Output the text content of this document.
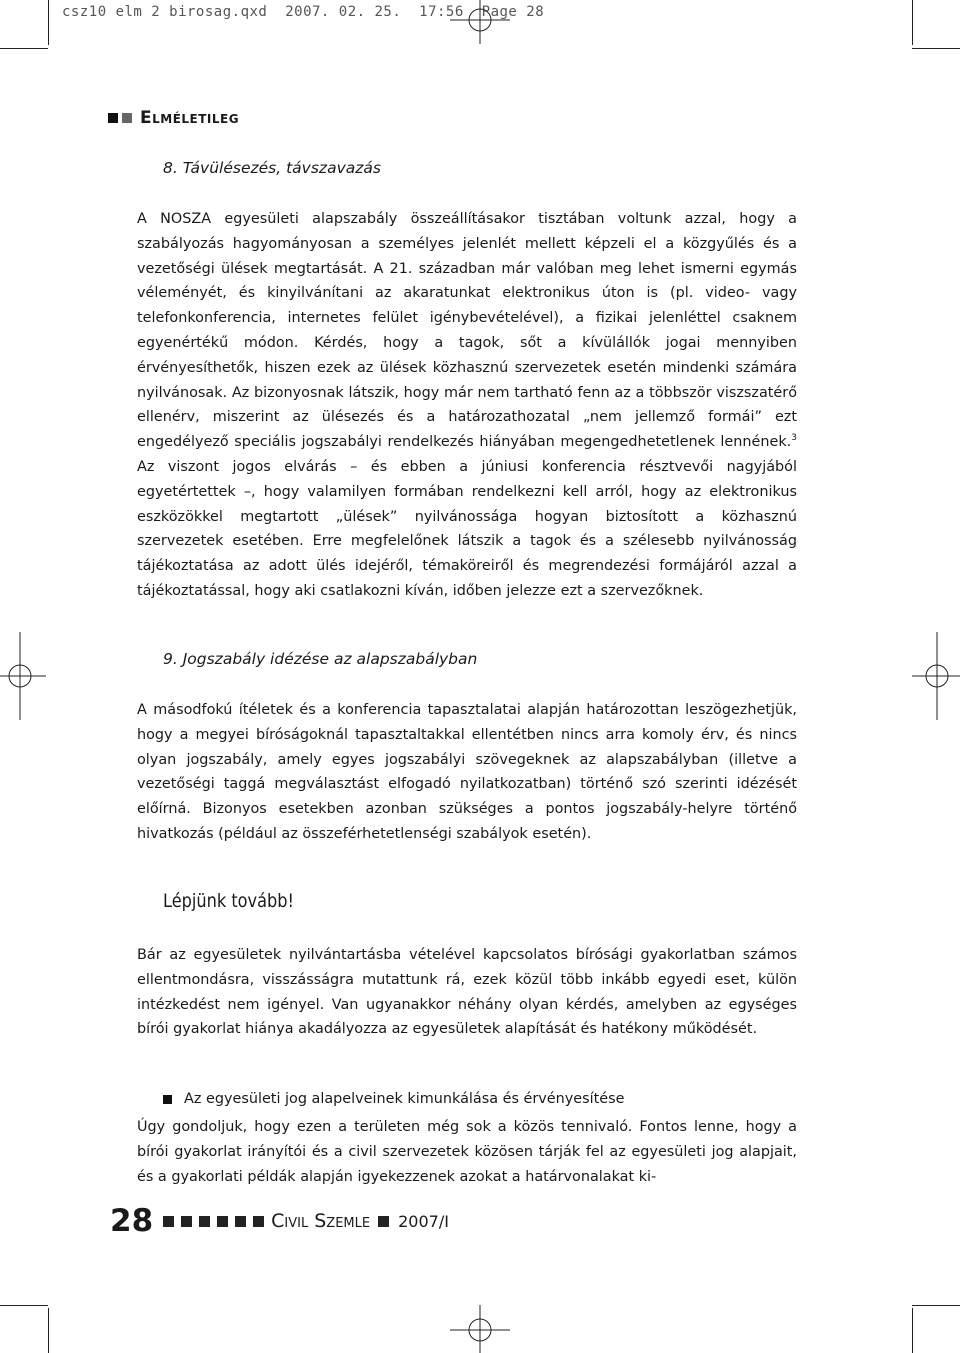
csz10 elm 2 birosag.qxd  2007. 02. 25.  17:56  Page 28
Elméletileg
8. Távülésezés, távszavazás

A NOSZA egyesületi alapszabály összeállításakor tisztában voltunk azzal, hogy a szabályozás hagyományosan a személyes jelenlét mellett képzeli el a közgyűlés és a vezetőségi ülések megtartását. A 21. században már valóban meg lehet ismerni egymás véleményét, és kinyilvánítani az akaratunkat elektronikus úton is (pl. video- vagy telefonkonferencia, internetes felület igénybevételével), a fizikai jelenléttel csaknem egyenértékű módon. Kérdés, hogy a tagok, sőt a kívülállók jogai mennyiben érvényesíthetők, hiszen ezek az ülések közhasznú szervezetek esetén mindenki számára nyilvánosak. Az bizonyosnak látszik, hogy már nem tartható fenn az a többször viszszatérő ellenérv, miszerint az ülésezés és a határozathozatal „nem jellemző formái” ezt engedélyező speciális jogszabályi rendelkezés hiányában megengedhetetlenek lennének.$^3$ Az viszont jogos elvárás – és ebben a júniusi konferencia résztvevői nagyjából egyetértettek –, hogy valamilyen formában rendelkezni kell arról, hogy az elektronikus eszközökkel megtartott „ülések” nyilvánossága hogyan biztosított a közhasznú szervezetek esetében. Erre megfelelőnek látszik a tagok és a szélesebb nyilvánosság tájékoztatása az adott ülés idejéről, témaköreiről és megrendezési formájáról azzal a tájékoztatással, hogy aki csatlakozni kíván, időben jelezze ezt a szervezőknek.

9. Jogszabály idézése az alapszabályban

A másodfokú ítéletek és a konferencia tapasztalatai alapján határozottan leszögezhetjük, hogy a megyei bíróságoknál tapasztaltakkal ellentétben nincs arra komoly érv, és nincs olyan jogszabály, amely egyes jogszabályi szövegeknek az alapszabályban (illetve a vezetőségi taggá megválasztást elfogadó nyilatkozatban) történő szó szerinti idézését előírná. Bizonyos esetekben azonban szükséges a pontos jogszabály-helyre történő hivatkozás (például az összeférhetetlenségi szabályok esetén).

Lépjünk tovább!

Bár az egyesületek nyilvántartásba vételével kapcsolatos bírósági gyakorlatban számos ellentmondásra, visszásságra mutattunk rá, ezek közül több inkább egyedi eset, külön intézkedést nem igényel. Van ugyanakkor néhány olyan kérdés, amelyben az egységes bírói gyakorlat hiánya akadályozza az egyesületek alapítását és hatékony működését.

Az egyesületi jog alapelveinek kimunkálása és érvényesítése

Úgy gondoljuk, hogy ezen a területen még sok a közös tennivaló. Fontos lenne, hogy a bírói gyakorlat irányítói és a civil szervezetek közösen tárják fel az egyesületi jog alapjait, és a gyakorlati példák alapján igyekezzenek azokat a határvonalakat ki-

28	Civil Szemle 2007/I
